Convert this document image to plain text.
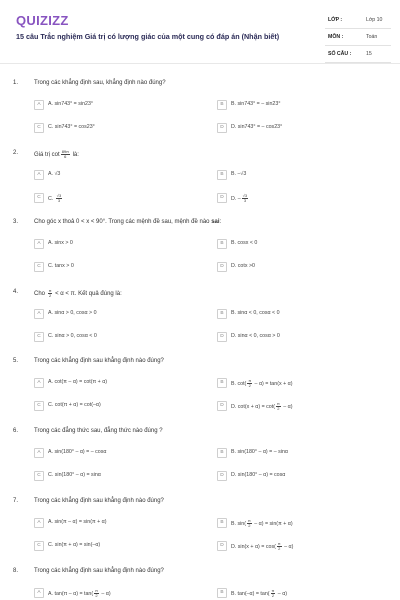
QUIZIZZ
15 câu Trắc nghiệm Giá trị có lượng giác của một cung có đáp án (Nhận biết)
LỚP :	Lớp 10
MÔN :	Toán
SỐ CÂU :	15
1.	Trong các khẳng định sau, khẳng định nào đúng?
A	A. sin743° = sin23°	B	B. sin743° = – sin23°
C	C. sin743° = cos23°	D	D. sin743° = – cos23°
2.	Giá trị $\cot \frac{89\pi}{6}$ là:
A	A. √3	B	B. –√3
C	C. $\frac{√3}{3}$	D	D. – $\frac{√3}{3}$
3.	Cho góc x thoả 0 < x < 90°. Trong các mệnh đề sau, mệnh đề nào sai:
A	A. sinx > 0	B	B. cosx < 0
C	C. tanx > 0	D	D. cotx >0
4.	Cho $\frac{\pi}{2} < \alpha < \pi$. Kết quả đúng là:
A	A. sinα > 0, cosα > 0	B	B. sinα < 0, cosα < 0
C	C. sinα > 0, cosα < 0	D	D. sinα < 0, cosα > 0
5.	Trong các khẳng định sau khẳng định nào đúng?
A	A. cot(π – α) = cot(π + α)	B	B. $\cot( \frac{\pi}{2} - \alpha) = \tan(x + \alpha)$
C	C. cot(π + α) = cot(–α)	D	D. $\cot(x + \alpha) = \cot( \frac{\pi}{2} - \alpha)$
6.	Trong các đẳng thức sau, đẳng thức nào đúng ?
A	A. sin(180° – α) = – cosα	B	B. sin(180° – α) = – sinα
C	C. sin(180° – α) = sinα	D	D. sin(180° – α) = cosα
7.	Trong các khẳng định sau khẳng định nào đúng?
A	A. sin(π – α) = sin(π + α)	B	B. $\sin( \frac{\pi}{2} - \alpha) = \sin(\pi + \alpha)$
C	C. sin(π + α) = sin(–α)	D	D. $\sin(x + \alpha) = \cos( \frac{\pi}{2} - \alpha)$
8.	Trong các khẳng định sau khẳng định nào đúng?
A	A. $\tan(\pi - \alpha) = \tan( \frac{\pi}{2} - \alpha)$	B	B. $\tan(-\alpha) = \tan( \frac{\pi}{2} - \alpha)$
